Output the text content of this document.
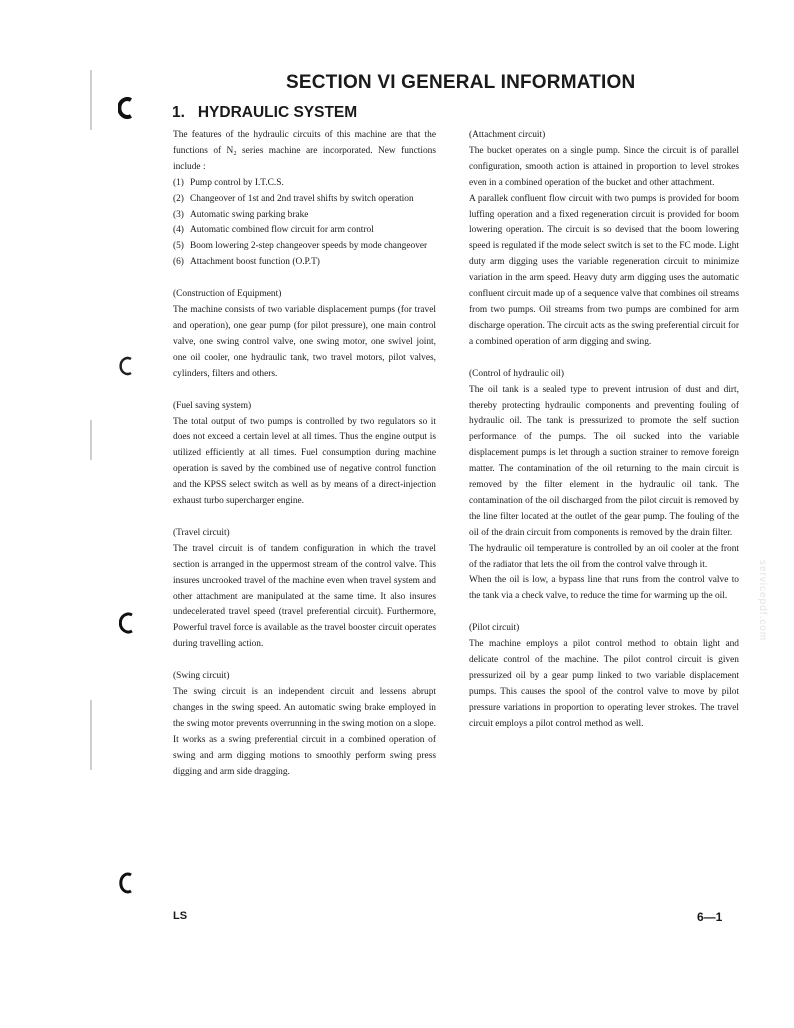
SECTION VI GENERAL INFORMATION
1. HYDRAULIC SYSTEM

The features of the hydraulic circuits of this machine are that the functions of N₂ series machine are incorporated. New functions include :

(1) Pump control by I.T.C.S.
(2) Changeover of 1st and 2nd travel shifts by switch operation
(3) Automatic swing parking brake
(4) Automatic combined flow circuit for arm control
(5) Boom lowering 2-step changeover speeds by mode changeover
(6) Attachment boost function (O.P.T)

(Construction of Equipment)

The machine consists of two variable displacement pumps (for travel and operation), one gear pump (for pilot pressure), one main control valve, one swing control valve, one swing motor, one swivel joint, one oil cooler, one hydraulic tank, two travel motors, pilot valves, cylinders, filters and others.

(Fuel saving system)

The total output of two pumps is controlled by two regulators so it does not exceed a certain level at all times. Thus the engine output is utilized efficiently at all times. Fuel consumption during machine operation is saved by the combined use of negative control function and the KPSS select switch as well as by means of a direct-injection exhaust turbo supercharger engine.

(Travel circuit)

The travel circuit is of tandem configuration in which the travel section is arranged in the uppermost stream of the control valve. This insures uncrooked travel of the machine even when travel system and other attachment are manipulated at the same time. It also insures undecelerated travel speed (travel preferential circuit). Furthermore, Powerful travel force is available as the travel booster circuit operates during travelling action.

(Swing circuit)

The swing circuit is an independent circuit and lessens abrupt changes in the swing speed. An automatic swing brake employed in the swing motor prevents overrunning in the swing motion on a slope.

It works as a swing preferential circuit in a combined operation of swing and arm digging motions to smoothly perform swing press digging and arm side dragging.

(Attachment circuit)

The bucket operates on a single pump. Since the circuit is of parallel configuration, smooth action is attained in proportion to level strokes even in a combined operation of the bucket and other attachment.

A parallek confluent flow circuit with two pumps is provided for boom luffing operation and a fixed regeneration circuit is provided for boom lowering operation. The circuit is so devised that the boom lowering speed is regulated if the mode select switch is set to the FC mode. Light duty arm digging uses the variable regeneration circuit to minimize variation in the arm speed. Heavy duty arm digging uses the automatic confluent circuit made up of a sequence valve that combines oil streams from two pumps. Oil streams from two pumps are combined for arm discharge operation. The circuit acts as the swing preferential circuit for a combined operation of arm digging and swing.

(Control of hydraulic oil)

The oil tank is a sealed type to prevent intrusion of dust and dirt, thereby protecting hydraulic components and preventing fouling of hydraulic oil. The tank is pressurized to promote the self suction performance of the pumps. The oil sucked into the variable displacement pumps is let through a suction strainer to remove foreign matter. The contamination of the oil returning to the main circuit is removed by the filter element in the hydraulic oil tank. The contamination of the oil discharged from the pilot circuit is removed by the line filter located at the outlet of the gear pump. The fouling of the oil of the drain circuit from components is removed by the drain filter.

The hydraulic oil temperature is controlled by an oil cooler at the front of the radiator that lets the oil from the control valve through it.

When the oil is low, a bypass line that runs from the control valve to the tank via a check valve, to reduce the time for warming up the oil.

(Pilot circuit)

The machine employs a pilot control method to obtain light and delicate control of the machine. The pilot control circuit is given pressurized oil by a gear pump linked to two variable displacement pumps. This causes the spool of the control valve to move by pilot pressure variations in proportion to operating lever strokes. The travel circuit employs a pilot control method as well.

LS	6—1
servicepdf.com
